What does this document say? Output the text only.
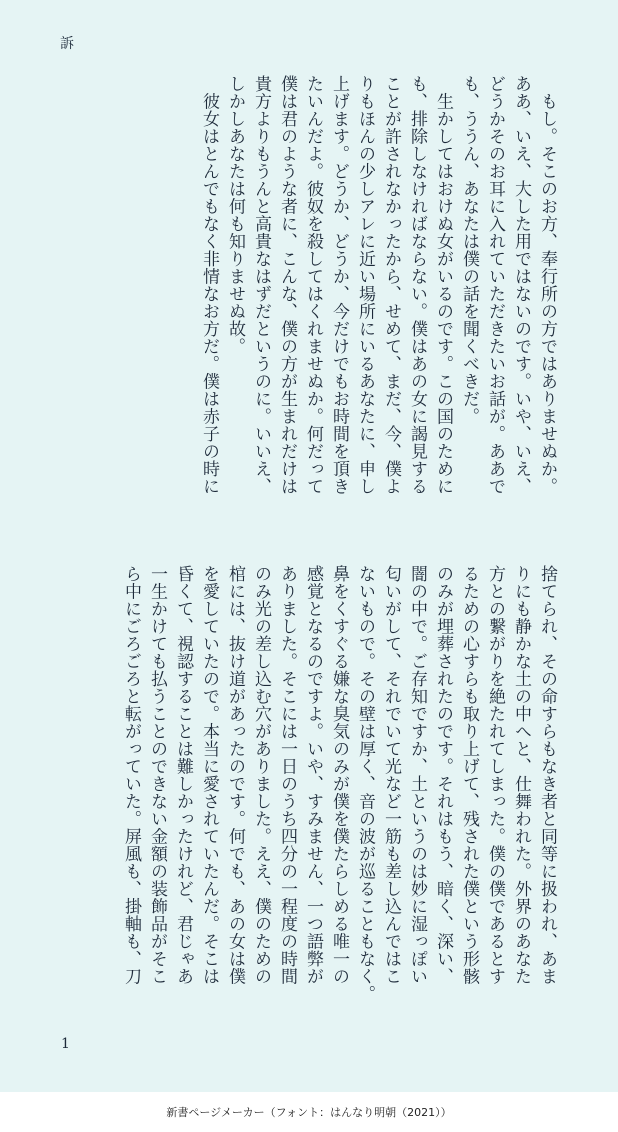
訴

　もし。そこのお方、奉行所の方ではありませぬか。

ああ、いえ、大した用ではないのです。いや、いえ、

どうかそのお耳に入れていただきたいお話が。ああで

も、ううん、あなたは僕の話を聞くべきだ。

　生かしてはおけぬ女がいるのです。この国のために

も、排除しなければならない。僕はあの女に謁見する

ことが許されなかったから、せめて、まだ、今、僕よ

りもほんの少しアレに近い場所にいるあなたに、申し

上げます。どうか、どうか、今だけでもお時間を頂き

たいんだよ。彼奴を殺してはくれませぬか。何だって

僕は君のような者に、こんな、僕の方が生まれだけは

貴方よりもうんと高貴なはずだというのに。いいえ、

しかしあなたは何も知りませぬ故。

　彼女はとんでもなく非情なお方だ。僕は赤子の時に

捨てられ、その命すらもなき者と同等に扱われ、あま

りにも静かな土の中へと、仕舞われた。外界のあなた

方との繋がりを絶たれてしまった。僕の僕であるとす

るための心すらも取り上げて、残された僕という形骸

のみが埋葬されたのです。それはもう、暗く、深い、

闇の中で。ご存知ですか、土というのは妙に湿っぽい

匂いがして、それでいて光など一筋も差し込んではこ

ないもので。その壁は厚く、音の波が巡ることもなく。

鼻をくすぐる嫌な臭気のみが僕を僕たらしめる唯一の

感覚となるのですよ。いや、すみません、一つ語弊が

ありました。そこには一日のうち四分の一程度の時間

のみ光の差し込む穴がありました。ええ、僕のための

棺には、抜け道があったのです。何でも、あの女は僕

を愛していたので。本当に愛されていたんだ。そこは

昏くて、視認することは難しかったけれど、君じゃあ

一生かけても払うことのできない金額の装飾品がそこ

ら中にごろごろと転がっていた。屏風も、掛軸も、刀

1
新書ページメーカー（フォント：はんなり明朝（2021））
